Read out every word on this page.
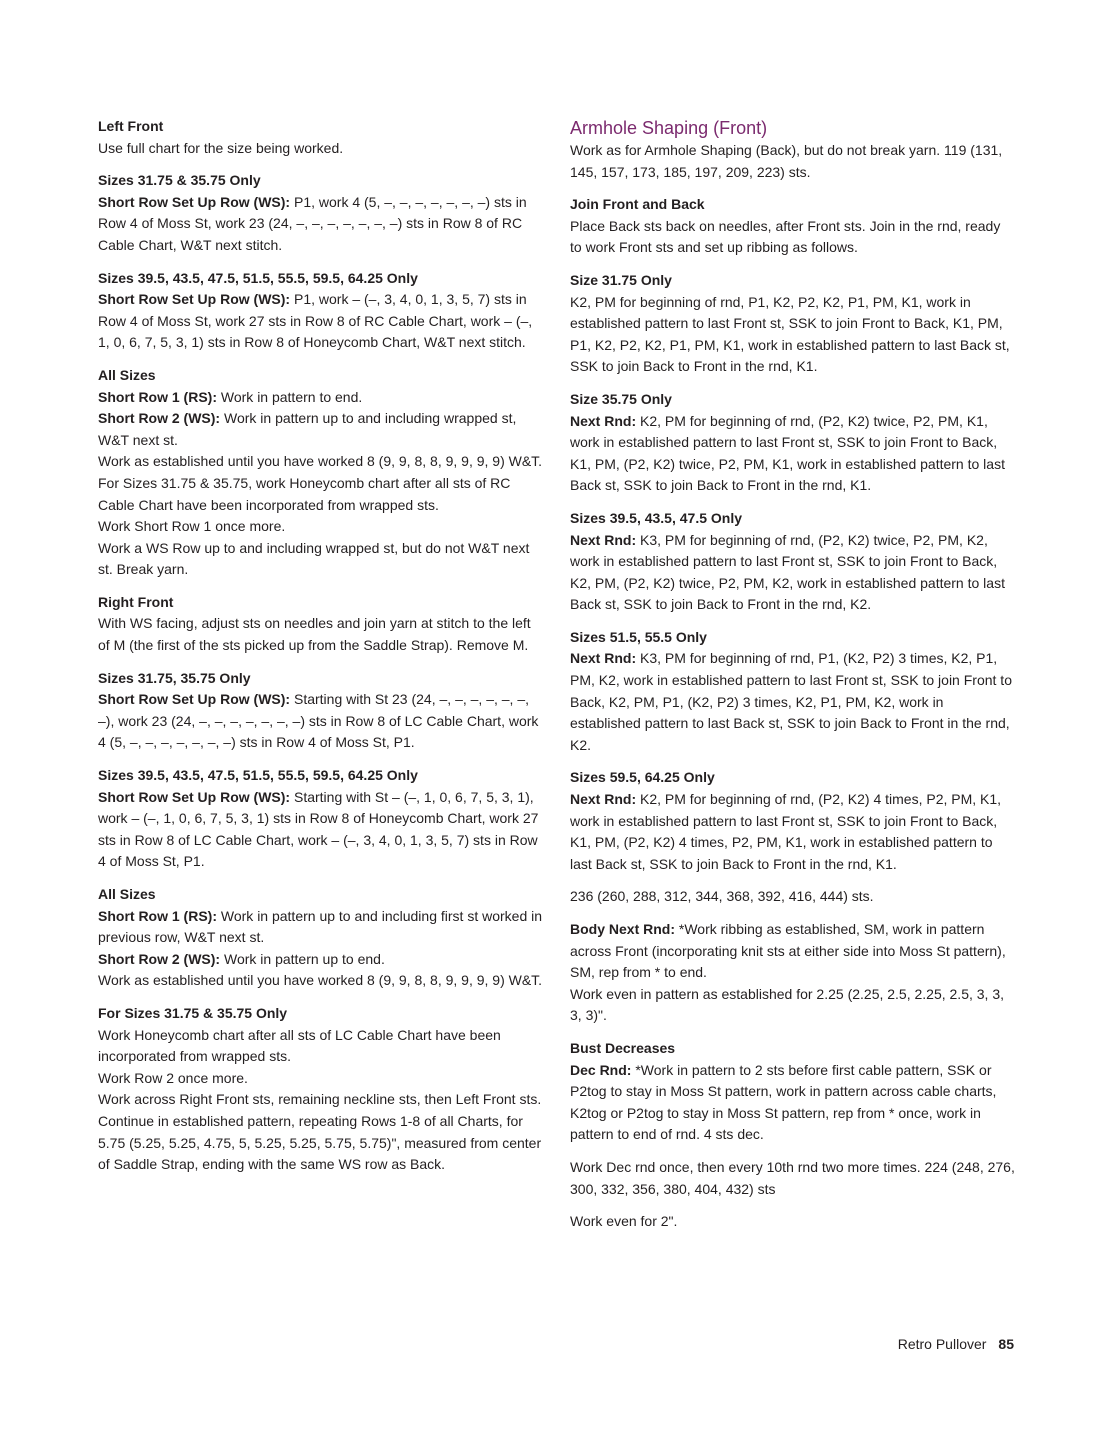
Left Front

Use full chart for the size being worked.

Sizes 31.75 & 35.75 Only

Short Row Set Up Row (WS): P1, work 4 (5, –, –, –, –, –, –, –) sts in Row 4 of Moss St, work 23 (24, –, –, –, –, –, –, –) sts in Row 8 of RC Cable Chart, W&T next stitch.

Sizes 39.5, 43.5, 47.5, 51.5, 55.5, 59.5, 64.25 Only

Short Row Set Up Row (WS): P1, work – (–, 3, 4, 0, 1, 3, 5, 7) sts in Row 4 of Moss St, work 27 sts in Row 8 of RC Cable Chart, work – (–, 1, 0, 6, 7, 5, 3, 1) sts in Row 8 of Honeycomb Chart, W&T next stitch.

All Sizes

Short Row 1 (RS): Work in pattern to end.

Short Row 2 (WS): Work in pattern up to and including wrapped st, W&T next st.

Work as established until you have worked 8 (9, 9, 8, 8, 9, 9, 9, 9) W&T.

For Sizes 31.75 & 35.75, work Honeycomb chart after all sts of RC Cable Chart have been incorporated from wrapped sts.

Work Short Row 1 once more.

Work a WS Row up to and including wrapped st, but do not W&T next st. Break yarn.

Right Front

With WS facing, adjust sts on needles and join yarn at stitch to the left of M (the first of the sts picked up from the Saddle Strap). Remove M.

Sizes 31.75, 35.75 Only

Short Row Set Up Row (WS): Starting with St 23 (24, –, –, –, –, –, –, –), work 23 (24, –, –, –, –, –, –, –) sts in Row 8 of LC Cable Chart, work 4 (5, –, –, –, –, –, –, –) sts in Row 4 of Moss St, P1.

Sizes 39.5, 43.5, 47.5, 51.5, 55.5, 59.5, 64.25 Only

Short Row Set Up Row (WS): Starting with St – (–, 1, 0, 6, 7, 5, 3, 1), work – (–, 1, 0, 6, 7, 5, 3, 1) sts in Row 8 of Honeycomb Chart, work 27 sts in Row 8 of LC Cable Chart, work – (–, 3, 4, 0, 1, 3, 5, 7) sts in Row 4 of Moss St, P1.

All Sizes

Short Row 1 (RS): Work in pattern up to and including first st worked in previous row, W&T next st.

Short Row 2 (WS): Work in pattern up to end.

Work as established until you have worked 8 (9, 9, 8, 8, 9, 9, 9, 9) W&T.

For Sizes 31.75 & 35.75 Only

Work Honeycomb chart after all sts of LC Cable Chart have been incorporated from wrapped sts.

Work Row 2 once more.

Work across Right Front sts, remaining neckline sts, then Left Front sts.

Continue in established pattern, repeating Rows 1-8 of all Charts, for 5.75 (5.25, 5.25, 4.75, 5, 5.25, 5.25, 5.75, 5.75)", measured from center of Saddle Strap, ending with the same WS row as Back.

Armhole Shaping (Front)

Work as for Armhole Shaping (Back), but do not break yarn. 119 (131, 145, 157, 173, 185, 197, 209, 223) sts.

Join Front and Back

Place Back sts back on needles, after Front sts. Join in the rnd, ready to work Front sts and set up ribbing as follows.

Size 31.75 Only

K2, PM for beginning of rnd, P1, K2, P2, K2, P1, PM, K1, work in established pattern to last Front st, SSK to join Front to Back, K1, PM, P1, K2, P2, K2, P1, PM, K1, work in established pattern to last Back st, SSK to join Back to Front in the rnd, K1.

Size 35.75 Only

Next Rnd: K2, PM for beginning of rnd, (P2, K2) twice, P2, PM, K1, work in established pattern to last Front st, SSK to join Front to Back, K1, PM, (P2, K2) twice, P2, PM, K1, work in established pattern to last Back st, SSK to join Back to Front in the rnd, K1.

Sizes 39.5, 43.5, 47.5 Only

Next Rnd: K3, PM for beginning of rnd, (P2, K2) twice, P2, PM, K2, work in established pattern to last Front st, SSK to join Front to Back, K2, PM, (P2, K2) twice, P2, PM, K2, work in established pattern to last Back st, SSK to join Back to Front in the rnd, K2.

Sizes 51.5, 55.5 Only

Next Rnd: K3, PM for beginning of rnd, P1, (K2, P2) 3 times, K2, P1, PM, K2, work in established pattern to last Front st, SSK to join Front to Back, K2, PM, P1, (K2, P2) 3 times, K2, P1, PM, K2, work in established pattern to last Back st, SSK to join Back to Front in the rnd, K2.

Sizes 59.5, 64.25 Only

Next Rnd: K2, PM for beginning of rnd, (P2, K2) 4 times, P2, PM, K1, work in established pattern to last Front st, SSK to join Front to Back, K1, PM, (P2, K2) 4 times, P2, PM, K1, work in established pattern to last Back st, SSK to join Back to Front in the rnd, K1.

236 (260, 288, 312, 344, 368, 392, 416, 444) sts.

Body Next Rnd: *Work ribbing as established, SM, work in pattern across Front (incorporating knit sts at either side into Moss St pattern), SM, rep from * to end.

Work even in pattern as established for 2.25 (2.25, 2.5, 2.25, 2.5, 3, 3, 3, 3)".

Bust Decreases

Dec Rnd: *Work in pattern to 2 sts before first cable pattern, SSK or P2tog to stay in Moss St pattern, work in pattern across cable charts, K2tog or P2tog to stay in Moss St pattern, rep from * once, work in pattern to end of rnd. 4 sts dec.

Work Dec rnd once, then every 10th rnd two more times. 224 (248, 276, 300, 332, 356, 380, 404, 432) sts

Work even for 2".

Retro Pullover 85
